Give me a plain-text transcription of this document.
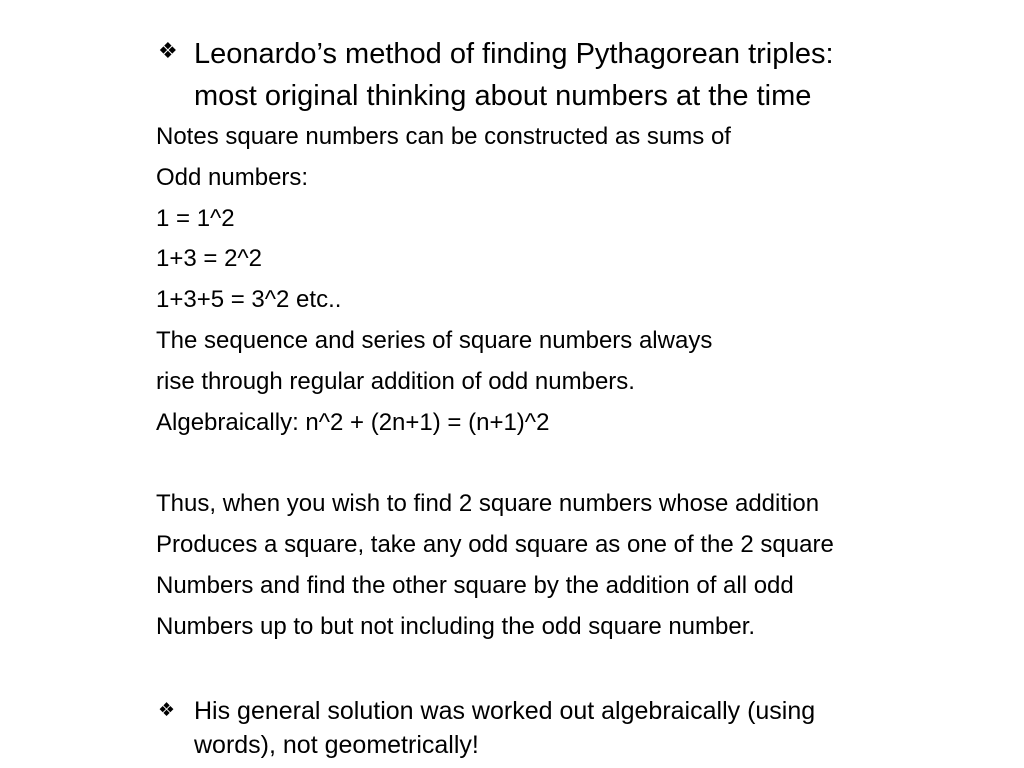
❖ Leonardo’s method of finding Pythagorean triples:
most original thinking about numbers at the time
Notes square numbers can be constructed as sums of
Odd numbers:
1 = 1^2
1+3 = 2^2
1+3+5 = 3^2 etc..
The sequence and series of square numbers always
rise through regular addition of odd numbers.
Algebraically: n^2 + (2n+1) = (n+1)^2
Thus, when you wish to find 2 square numbers whose addition
Produces a square, take any odd square as one of the 2 square
Numbers and find the other square by the addition of all odd
Numbers up to but not including the odd square number.
❖ His general solution was worked out algebraically (using
words), not geometrically!
